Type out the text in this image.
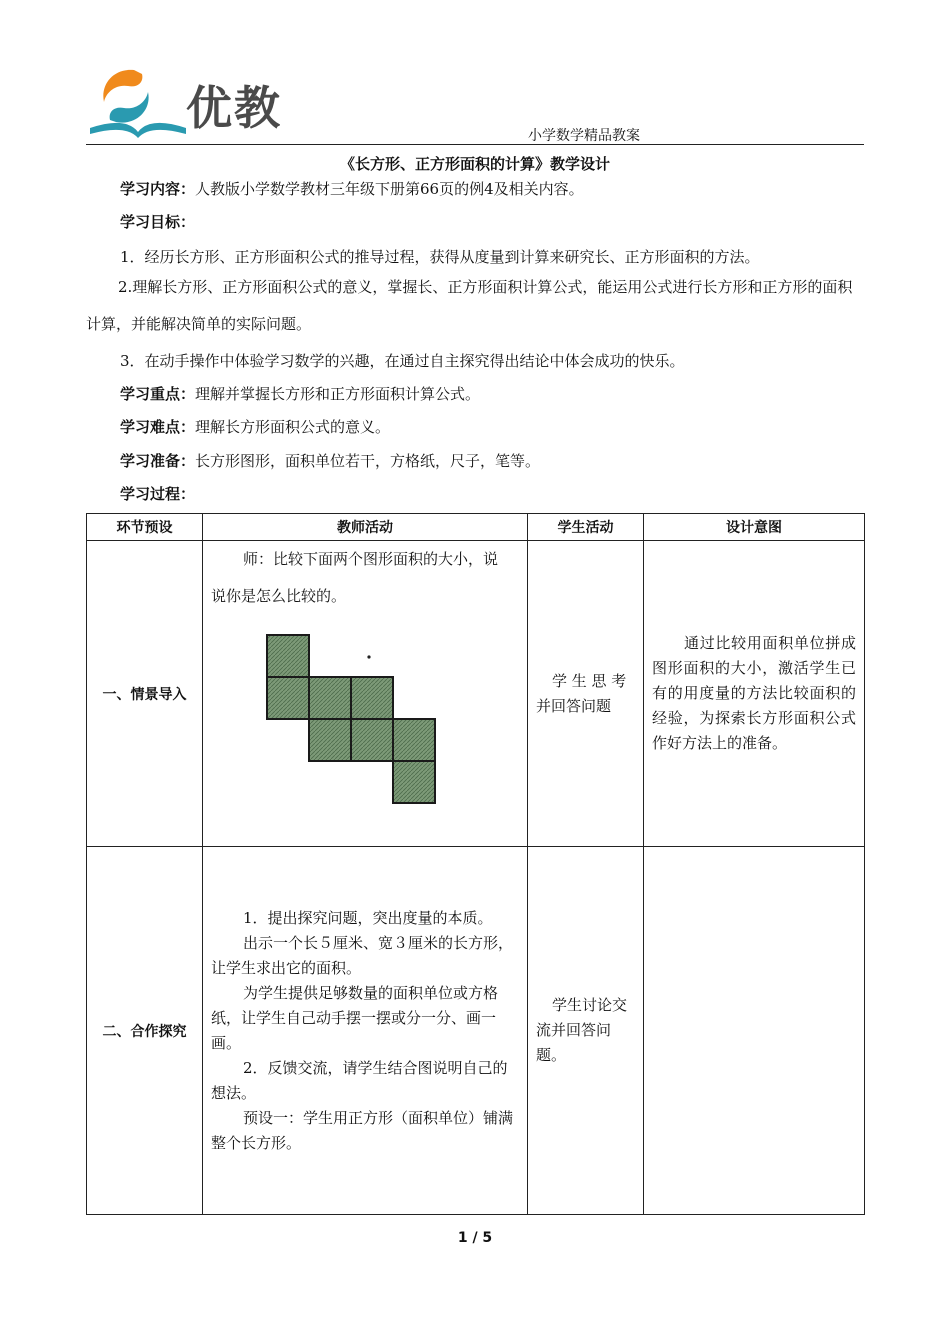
优教
小学数学精品教案
《长方形、正方形面积的计算》教学设计
学习内容：人教版小学数学教材三年级下册第66页的例4及相关内容。
学习目标：
1．经历长方形、正方形面积公式的推导过程，获得从度量到计算来研究长、正方形面积的方法。
2.理解长方形、正方形面积公式的意义，掌握长、正方形面积计算公式，能运用公式进行长方形和正方形的面积计算，并能解决简单的实际问题。
3．在动手操作中体验学习数学的兴趣，在通过自主探究得出结论中体会成功的快乐。
学习重点：理解并掌握长方形和正方形面积计算公式。
学习难点：理解长方形面积公式的意义。
学习准备：长方形图形，面积单位若干，方格纸，尺子，笔等。
学习过程：
环节预设	教师活动	学生活动	设计意图
一、情景导入	师：比较下面两个图形面积的大小，说
说你是怎么比较的。	学 生 思 考并回答问题	通过比较用面积单位拼成图形面积的大小，激活学生已有的用度量的方法比较面积的经验，为探索长方形面积公式作好方法上的准备。

二、合作探究	1．提出探究问题，突出度量的本质。

出示一个长５厘米、宽３厘米的长方形，让学生求出它的面积。

为学生提供足够数量的面积单位或方格纸，让学生自己动手摆一摆或分一分、画一画。

2．反馈交流，请学生结合图说明自己的想法。

预设一：学生用正方形（面积单位）铺满整个长方形。	学生讨论交流并回答问题。	

1 / 5
